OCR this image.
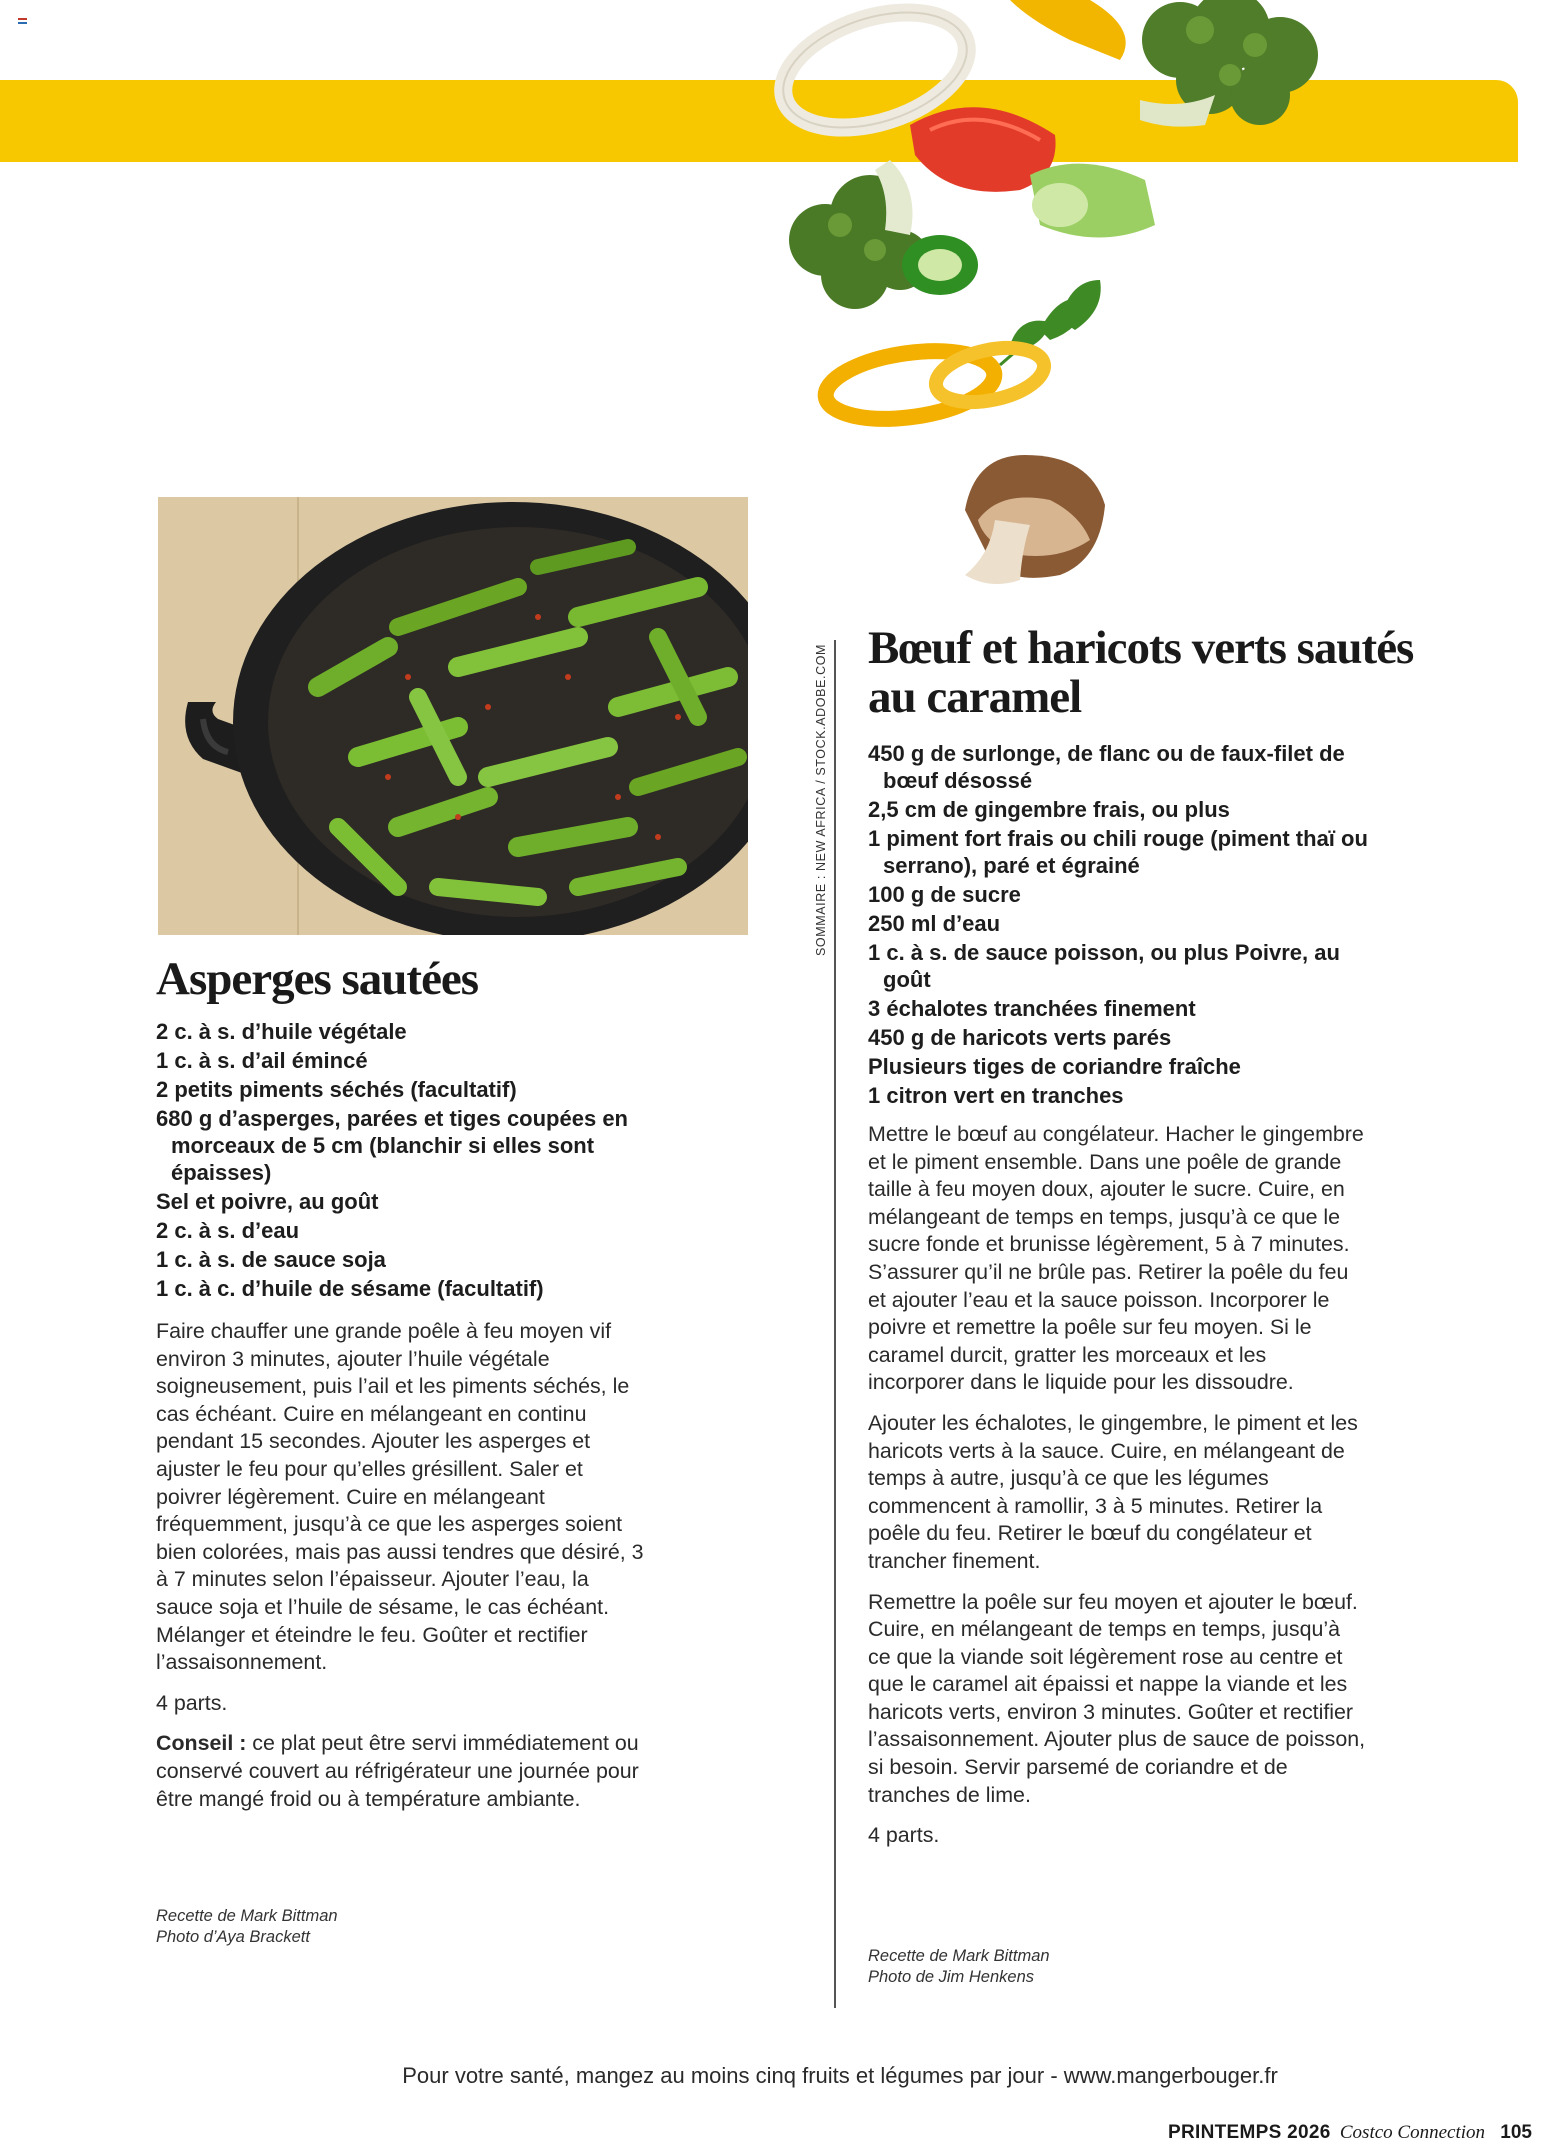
SOMMAIRE : NEW AFRICA / STOCK.ADOBE.COM
Asperges sautées
2 c. à s. d’huile végétale
1 c. à s. d’ail émincé
2 petits piments séchés (facultatif)
680 g d’asperges, parées et tiges coupées en morceaux de 5 cm (blanchir si elles sont épaisses)
Sel et poivre, au goût
2 c. à s. d’eau
1 c. à s. de sauce soja
1 c. à c. d’huile de sésame (facultatif)

Faire chauffer une grande poêle à feu moyen vif environ 3 minutes, ajouter l’huile végétale soigneusement, puis l’ail et les piments séchés, le cas échéant. Cuire en mélangeant en continu pendant 15 secondes. Ajouter les asperges et ajuster le feu pour qu’elles grésillent. Saler et poivrer légèrement. Cuire en mélangeant fréquemment, jusqu’à ce que les asperges soient bien colorées, mais pas aussi tendres que désiré, 3 à 7 minutes selon l’épaisseur. Ajouter l’eau, la sauce soja et l’huile de sésame, le cas échéant. Mélanger et éteindre le feu. Goûter et rectifier l’assaisonnement.

4 parts.

Conseil : ce plat peut être servi immédiatement ou conservé couvert au réfrigérateur une journée pour être mangé froid ou à température ambiante.

Recette de Mark Bittman
Photo d’Aya Brackett
Bœuf et haricots verts sautés au caramel
450 g de surlonge, de flanc ou de faux-filet de bœuf désossé
2,5 cm de gingembre frais, ou plus
1 piment fort frais ou chili rouge (piment thaï ou serrano), paré et égrainé
100 g de sucre
250 ml d’eau
1 c. à s. de sauce poisson, ou plus Poivre, au goût
3 échalotes tranchées finement
450 g de haricots verts parés
Plusieurs tiges de coriandre fraîche
1 citron vert en tranches

Mettre le bœuf au congélateur. Hacher le gingembre et le piment ensemble. Dans une poêle de grande taille à feu moyen doux, ajouter le sucre. Cuire, en mélangeant de temps en temps, jusqu’à ce que le sucre fonde et brunisse légèrement, 5 à 7 minutes. S’assurer qu’il ne brûle pas. Retirer la poêle du feu et ajouter l’eau et la sauce poisson. Incorporer le poivre et remettre la poêle sur feu moyen. Si le caramel durcit, gratter les morceaux et les incorporer dans le liquide pour les dissoudre.

Ajouter les échalotes, le gingembre, le piment et les haricots verts à la sauce. Cuire, en mélangeant de temps à autre, jusqu’à ce que les légumes commencent à ramollir, 3 à 5 minutes. Retirer la poêle du feu. Retirer le bœuf du congélateur et trancher finement.

Remettre la poêle sur feu moyen et ajouter le bœuf. Cuire, en mélangeant de temps en temps, jusqu’à ce que la viande soit légèrement rose au centre et que le caramel ait épaissi et nappe la viande et les haricots verts, environ 3 minutes. Goûter et rectifier l’assaisonnement. Ajouter plus de sauce de poisson, si besoin. Servir parsemé de coriandre et de tranches de lime.

4 parts.

Recette de Mark Bittman
Photo de Jim Henkens
Pour votre santé, mangez au moins cinq fruits et légumes par jour - www.mangerbouger.fr
PRINTEMPS 2026 Costco Connection 105
